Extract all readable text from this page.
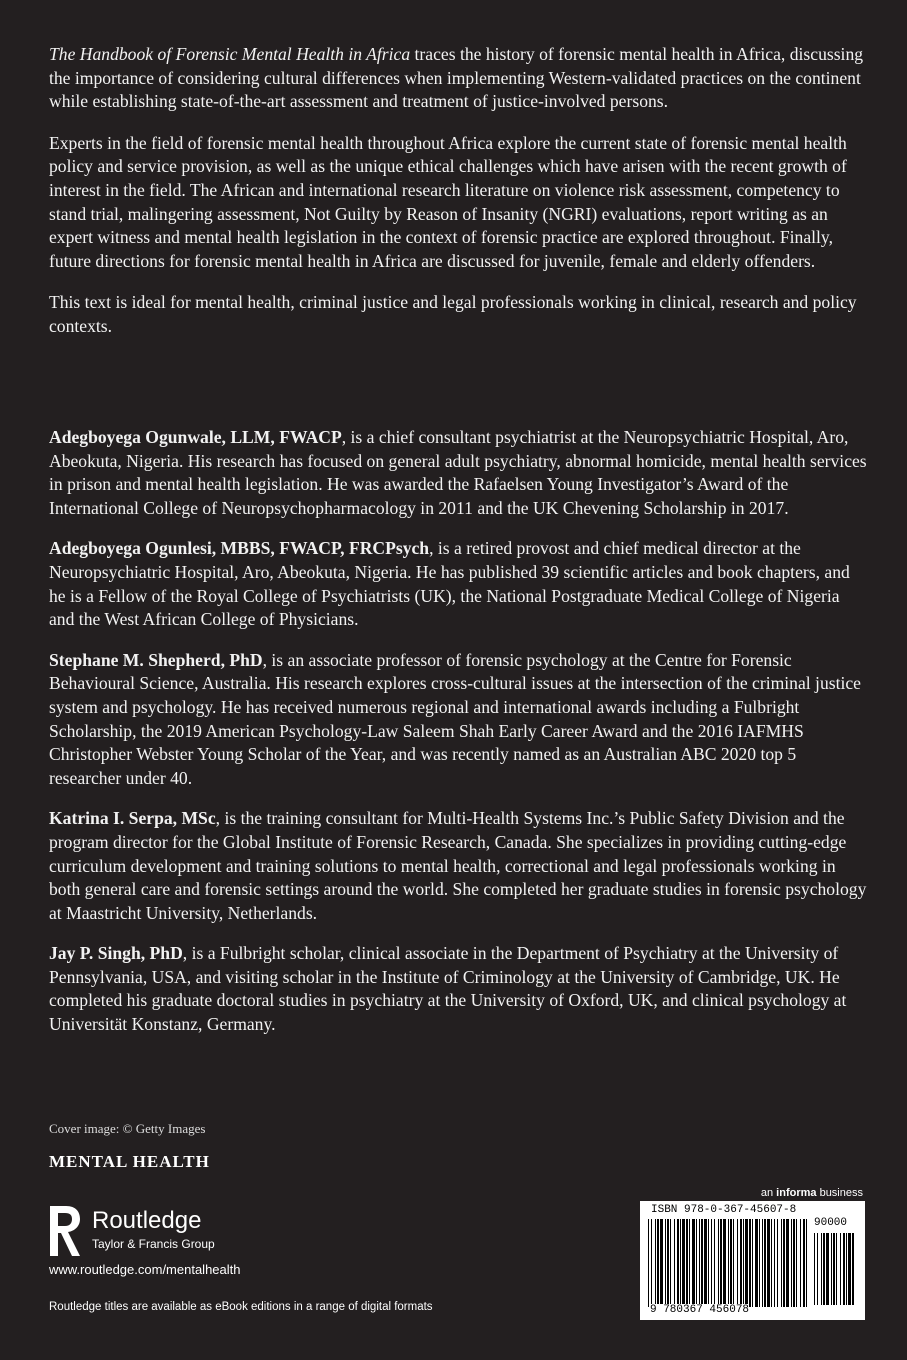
The Handbook of Forensic Mental Health in Africa traces the history of forensic mental health in Africa, discussing the importance of considering cultural differences when implementing Western-validated practices on the continent while establishing state-of-the-art assessment and treatment of justice-involved persons.

Experts in the field of forensic mental health throughout Africa explore the current state of forensic mental health policy and service provision, as well as the unique ethical challenges which have arisen with the recent growth of interest in the field. The African and international research literature on violence risk assessment, competency to stand trial, malingering assessment, Not Guilty by Reason of Insanity (NGRI) evaluations, report writing as an expert witness and mental health legislation in the context of forensic practice are explored throughout. Finally, future directions for forensic mental health in Africa are discussed for juvenile, female and elderly offenders.

This text is ideal for mental health, criminal justice and legal professionals working in clinical, research and policy contexts.

Adegboyega Ogunwale, LLM, FWACP, is a chief consultant psychiatrist at the Neuropsychiatric Hospital, Aro, Abeokuta, Nigeria. His research has focused on general adult psychiatry, abnormal homicide, mental health services in prison and mental health legislation. He was awarded the Rafaelsen Young Investigator’s Award of the International College of Neuropsychopharmacology in 2011 and the UK Chevening Scholarship in 2017.

Adegboyega Ogunlesi, MBBS, FWACP, FRCPsych, is a retired provost and chief medical director at the Neuropsychiatric Hospital, Aro, Abeokuta, Nigeria. He has published 39 scientific articles and book chapters, and he is a Fellow of the Royal College of Psychiatrists (UK), the National Postgraduate Medical College of Nigeria and the West African College of Physicians.

Stephane M. Shepherd, PhD, is an associate professor of forensic psychology at the Centre for Forensic Behavioural Science, Australia. His research explores cross-cultural issues at the intersection of the criminal justice system and psychology. He has received numerous regional and international awards including a Fulbright Scholarship, the 2019 American Psychology-Law Saleem Shah Early Career Award and the 2016 IAFMHS Christopher Webster Young Scholar of the Year, and was recently named as an Australian ABC 2020 top 5 researcher under 40.

Katrina I. Serpa, MSc, is the training consultant for Multi-Health Systems Inc.’s Public Safety Division and the program director for the Global Institute of Forensic Research, Canada. She specializes in providing cutting-edge curriculum development and training solutions to mental health, correctional and legal professionals working in both general care and forensic settings around the world. She completed her graduate studies in forensic psychology at Maastricht University, Netherlands.

Jay P. Singh, PhD, is a Fulbright scholar, clinical associate in the Department of Psychiatry at the University of Pennsylvania, USA, and visiting scholar in the Institute of Criminology at the University of Cambridge, UK. He completed his graduate doctoral studies in psychiatry at the University of Oxford, UK, and clinical psychology at Universität Konstanz, Germany.

Cover image: © Getty Images
MENTAL HEALTH
Routledge
Taylor & Francis Group
www.routledge.com/mentalhealth
Routledge titles are available as eBook editions in a range of digital formats
an informa business
ISBN 978-0-367-45607-8
90000
9 780367 456078
